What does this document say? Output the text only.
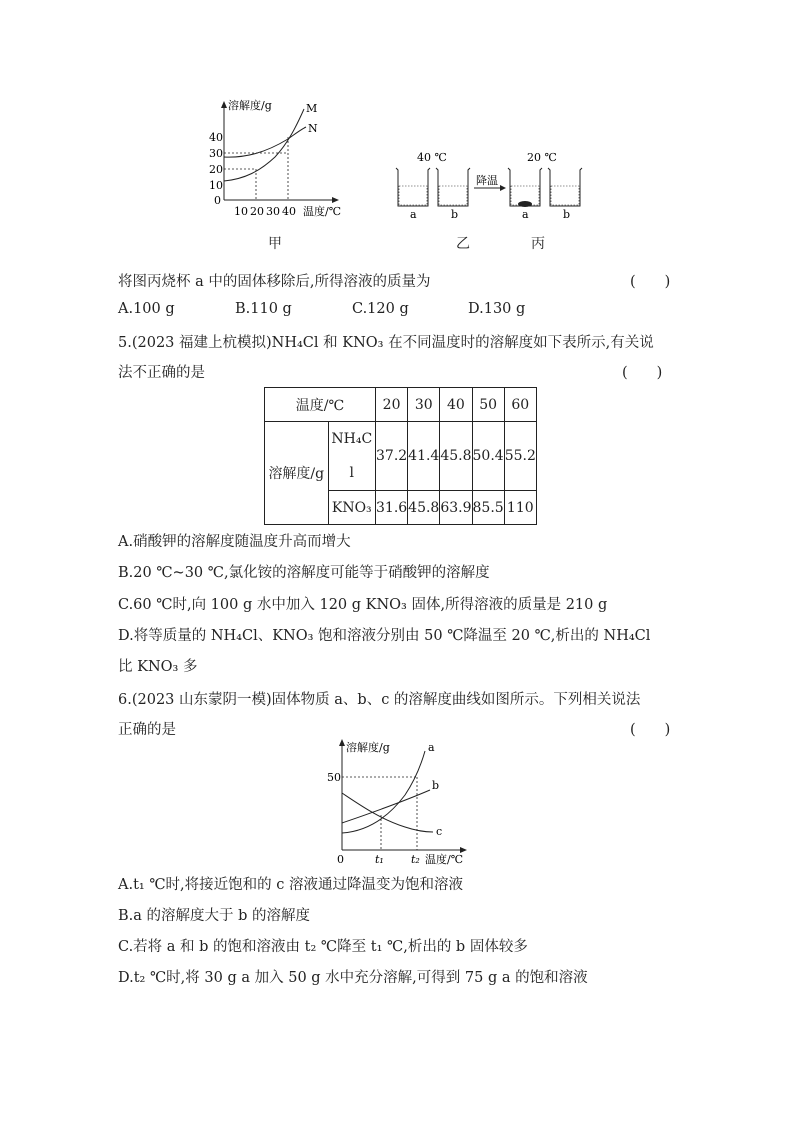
溶解度/g
40
30
20
10
0
10 20 30 40 温度/℃
M
N
甲
40 ℃	20 ℃
降温
a	b	a	b
乙	丙
将图丙烧杯 a 中的固体移除后,所得溶液的质量为	(　　)
A.100 g	B.110 g	C.120 g	D.130 g
5.(2023 福建上杭模拟)NH₄Cl 和 KNO₃ 在不同温度时的溶解度如下表所示,有关说
法不正确的是	(　　)
温度/℃		20	30	40	50	60
溶解度/g	NH₄C
l	37.2	41.4	45.8	50.4	55.2
	KNO₃	31.6	45.8	63.9	85.5	110
A.硝酸钾的溶解度随温度升高而增大
B.20 ℃~30 ℃,氯化铵的溶解度可能等于硝酸钾的溶解度
C.60 ℃时,向 100 g 水中加入 120 g KNO₃ 固体,所得溶液的质量是 210 g
D.将等质量的 NH₄Cl、KNO₃ 饱和溶液分别由 50 ℃降温至 20 ℃,析出的 NH₄Cl
比 KNO₃ 多
6.(2023 山东蒙阴一模)固体物质 a、b、c 的溶解度曲线如图所示。下列相关说法
正确的是	(　　)
溶解度/g
50
0	t₁ t₂ 温度/℃
a
b
c
A.t₁ ℃时,将接近饱和的 c 溶液通过降温变为饱和溶液
B.a 的溶解度大于 b 的溶解度
C.若将 a 和 b 的饱和溶液由 t₂ ℃降至 t₁ ℃,析出的 b 固体较多
D.t₂ ℃时,将 30 g a 加入 50 g 水中充分溶解,可得到 75 g a 的饱和溶液
